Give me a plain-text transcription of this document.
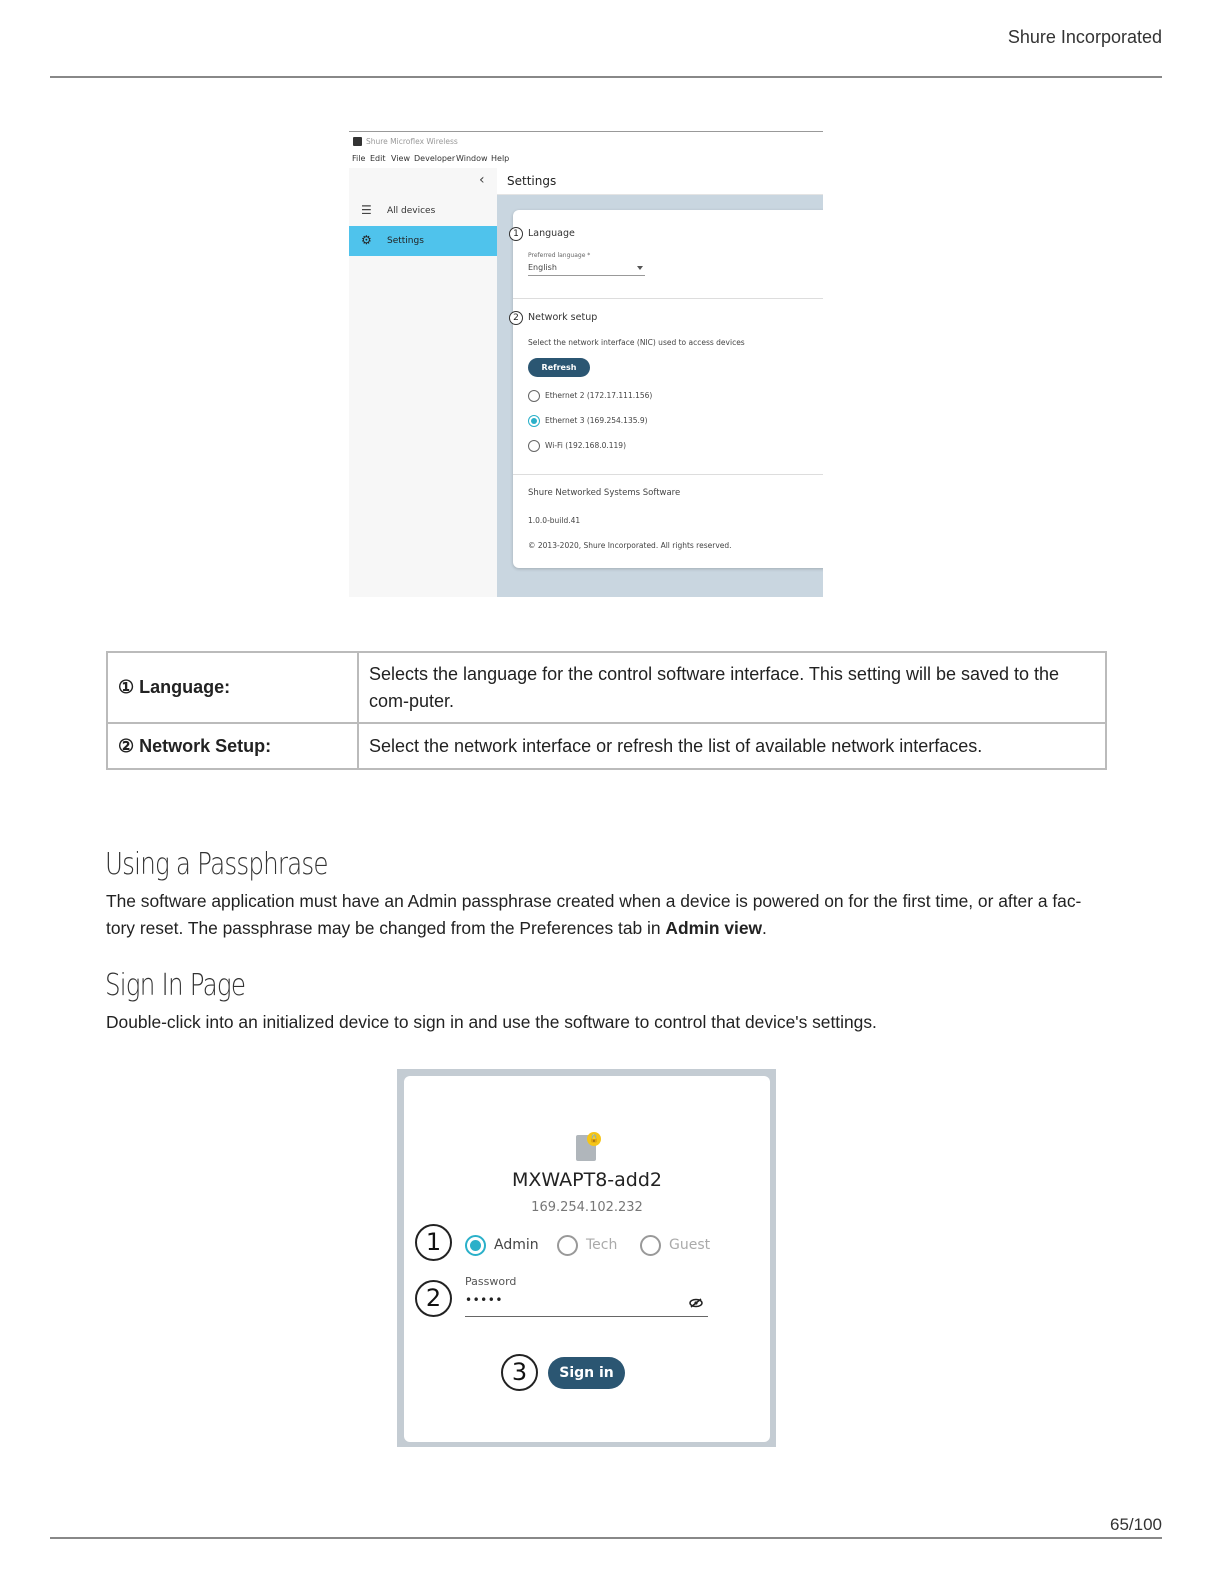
Shure Incorporated
Shure Microflex Wireless
File Edit View Developer Window Help
‹
☰ All devices
⚙ Settings
Settings
1 Language
Preferred language *
English
2 Network setup
Select the network interface (NIC) used to access devices
Refresh
Ethernet 2 (172.17.111.156)
Ethernet 3 (169.254.135.9)
Wi-Fi (192.168.0.119)
Shure Networked Systems Software
1.0.0-build.41
© 2013-2020, Shure Incorporated. All rights reserved.
① Language:	Selects the language for the control software interface. This setting will be saved to the com-puter.
② Network Setup:	Select the network interface or refresh the list of available network interfaces.
Using a Passphrase
The software application must have an Admin passphrase created when a device is powered on for the first time, or after a fac-tory reset. The passphrase may be changed from the Preferences tab in Admin view.
Sign In Page
Double-click into an initialized device to sign in and use the software to control that device's settings.
🔒
MXWAPT8-add2
169.254.102.232
1	Admin	Tech	Guest
2
Password
•••••
3	Sign in
65/100
